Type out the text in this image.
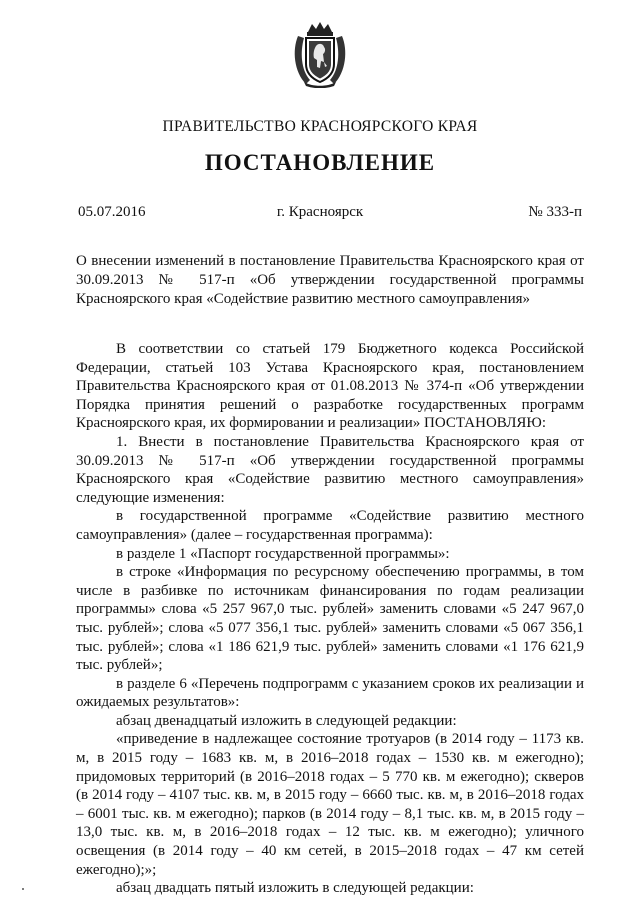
ПРАВИТЕЛЬСТВО КРАСНОЯРСКОГО КРАЯ
ПОСТАНОВЛЕНИЕ
05.07.2016	г. Красноярск	№ 333-п
О внесении изменений в постановление Правительства Красноярского края от 30.09.2013 № 517-п «Об утверждении государственной программы Красноярского края «Содействие развитию местного самоуправления»

В соответствии со статьей 179 Бюджетного кодекса Российской Федерации, статьей 103 Устава Красноярского края, постановлением Правительства Красноярского края от 01.08.2013 № 374-п «Об утверждении Порядка принятия решений о разработке государственных программ Красноярского края, их формировании и реализации» ПОСТАНОВЛЯЮ:

1. Внести в постановление Правительства Красноярского края от 30.09.2013 № 517-п «Об утверждении государственной программы Красноярского края «Содействие развитию местного самоуправления» следующие изменения:

в государственной программе «Содействие развитию местного самоуправления» (далее – государственная программа):

в разделе 1 «Паспорт государственной программы»:

в строке «Информация по ресурсному обеспечению программы, в том числе в разбивке по источникам финансирования по годам реализации программы» слова «5 257 967,0 тыс. рублей» заменить словами «5 247 967,0 тыс. рублей»; слова «5 077 356,1 тыс. рублей» заменить словами «5 067 356,1 тыс. рублей»; слова «1 186 621,9 тыс. рублей» заменить словами «1 176 621,9 тыс. рублей»;

в разделе 6 «Перечень подпрограмм с указанием сроков их реализации и ожидаемых результатов»:

абзац двенадцатый изложить в следующей редакции:

«приведение в надлежащее состояние тротуаров (в 2014 году – 1173 кв. м, в 2015 году – 1683 кв. м, в 2016–2018 годах – 1530 кв. м ежегодно); придомовых территорий (в 2016–2018 годах – 5 770 кв. м ежегодно); скверов (в 2014 году – 4107 тыс. кв. м, в 2015 году – 6660 тыс. кв. м, в 2016–2018 годах – 6001 тыс. кв. м ежегодно); парков (в 2014 году – 8,1 тыс. кв. м, в 2015 году – 13,0 тыс. кв. м, в 2016–2018 годах – 12 тыс. кв. м ежегодно); уличного освещения (в 2014 году – 40 км сетей, в 2015–2018 годах – 47 км сетей ежегодно);»;

абзац двадцать пятый изложить в следующей редакции:
